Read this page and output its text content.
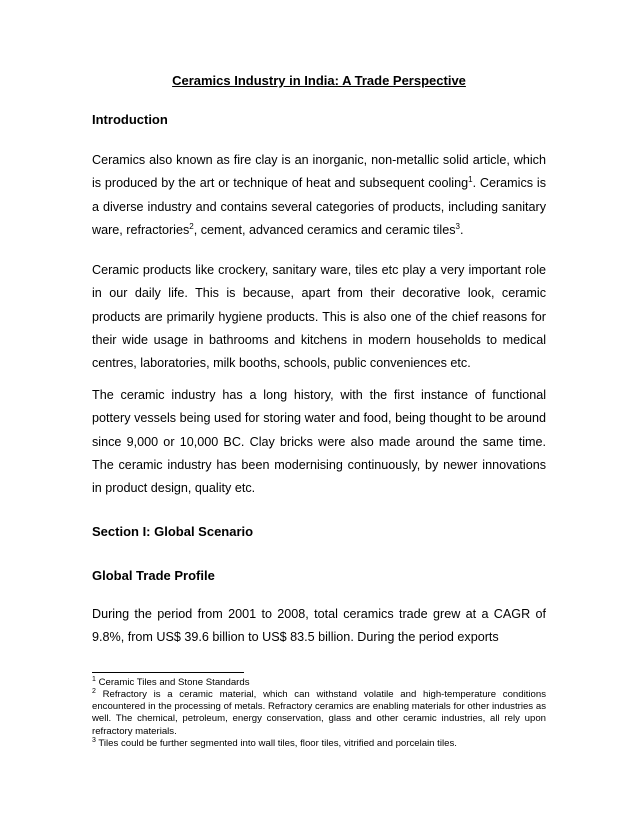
Ceramics Industry in India: A Trade Perspective
Introduction

Ceramics also known as fire clay is an inorganic, non-metallic solid article, which is produced by the art or technique of heat and subsequent cooling$^1$. Ceramics is a diverse industry and contains several categories of products, including sanitary ware, refractories$^2$, cement, advanced ceramics and ceramic tiles$^3$.

Ceramic products like crockery, sanitary ware, tiles etc play a very important role in our daily life. This is because, apart from their decorative look, ceramic products are primarily hygiene products. This is also one of the chief reasons for their wide usage in bathrooms and kitchens in modern households to medical centres, laboratories, milk booths, schools, public conveniences etc.

The ceramic industry has a long history, with the first instance of functional pottery vessels being used for storing water and food, being thought to be around since 9,000 or 10,000 BC. Clay bricks were also made around the same time. The ceramic industry has been modernising continuously, by newer innovations in product design, quality etc.

Section I: Global Scenario
Global Trade Profile

During the period from 2001 to 2008, total ceramics trade grew at a CAGR of 9.8%, from US$ 39.6 billion to US$ 83.5 billion. During the period exports

$^1$ Ceramic Tiles and Stone Standards

$^2$ Refractory is a ceramic material, which can withstand volatile and high-temperature conditions encountered in the processing of metals. Refractory ceramics are enabling materials for other industries as well. The chemical, petroleum, energy conservation, glass and other ceramic industries, all rely upon refractory materials.

$^3$ Tiles could be further segmented into wall tiles, floor tiles, vitrified and porcelain tiles.
